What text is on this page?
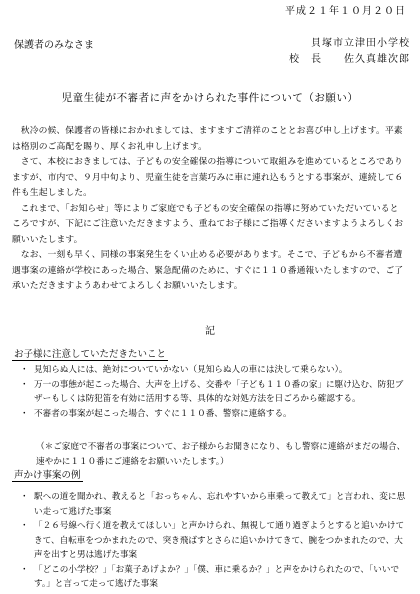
平成２１年１０月２０日
保護者のみなさま	貝塚市立津田小学校
校　長　　佐久真雄次郎
児童生徒が不審者に声をかけられた事件について（お願い）

秋冷の候、保護者の皆様におかれましては、ますますご清祥のこととお喜び申し上げます。平素は格別のご高配を賜り、厚くお礼申し上げます。

さて、本校におきましては、子どもの安全確保の指導について取組みを進めているところでありますが、市内で、９月中旬より、児童生徒を言葉巧みに車に連れ込もうとする事案が、連続して６件も生起しました。

これまで、「お知らせ」等によりご家庭でも子どもの安全確保の指導に努めていただいているところですが、下記にご注意いただきますよう、重ねてお子様にご指導くださいますようよろしくお願いいたします。

なお、一刻も早く、同様の事案発生をくい止める必要があります。そこで、子どもから不審者遭遇事案の連絡が学校にあった場合、緊急配備のために、すぐに１１０番通報いたしますので、ご了承いただきますようあわせてよろしくお願いいたします。

記
お子様に注意していただきたいこと
・ 見知らぬ人には、絶対についていかない（見知らぬ人の車には決して乗らない）。
・ 万一の事態が起こった場合、大声を上げる、交番や「子ども１１０番の家」に駆け込む、防犯ブザーもしくは防犯笛を有効に活用する等、具体的な対処方法を日ごろから確認する。
・ 不審者の事案が起こった場合、すぐに１１０番、警察に連絡する。
（＊ご家庭で不審者の事案について、お子様からお聞きになり、もし警察に連絡がまだの場合、速やかに１１０番にご連絡をお願いいたします。）
声かけ事案の例
・ 駅への道を聞かれ、教えると「おっちゃん、忘れやすいから車乗って教えて」と言われ、変に思い走って逃げた事案
・ 「２６号線へ行く道を教えてほしい」と声かけられ、無視して通り過ぎようとすると追いかけてきて、自転車をつかまれたので、突き飛ばすとさらに追いかけてきて、腕をつかまれたので、大声を出すと男は逃げた事案
・ 「どこの小学校？」「お菓子あげよか？」「僕、車に乗るか？」と声をかけられたので、「いいです。」と言って走って逃げた事案
